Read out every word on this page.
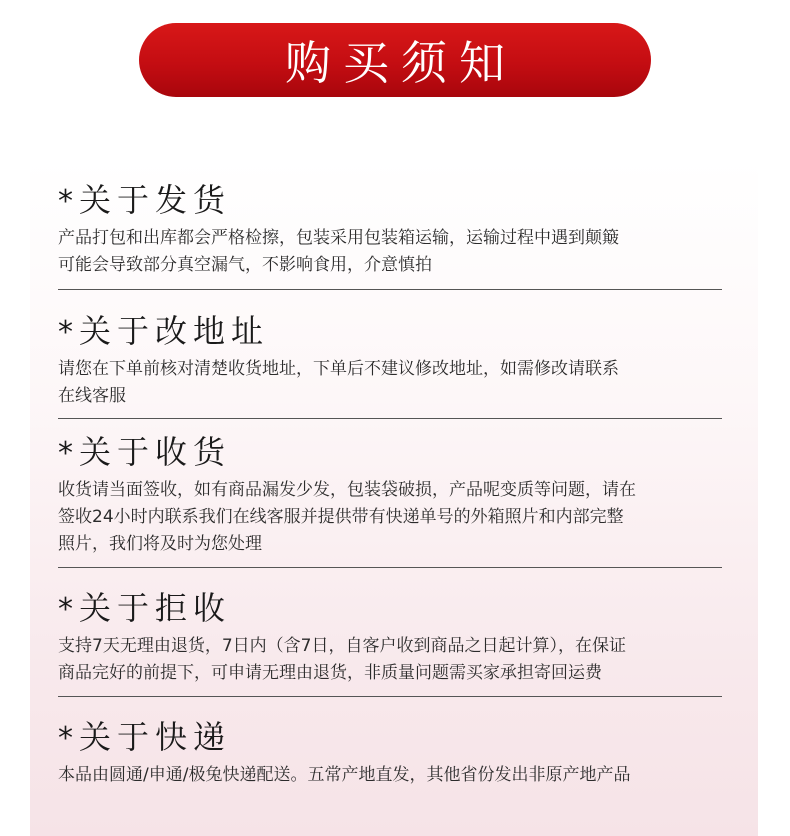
购买须知
*关于发货
产品打包和出库都会严格检擦，包装采用包装箱运输，运输过程中遇到颠簸
可能会导致部分真空漏气，不影响食用，介意慎拍
*关于改地址
请您在下单前核对清楚收货地址，下单后不建议修改地址，如需修改请联系
在线客服
*关于收货
收货请当面签收，如有商品漏发少发，包装袋破损，产品呢变质等问题，请在
签收24小时内联系我们在线客服并提供带有快递单号的外箱照片和内部完整
照片，我们将及时为您处理
*关于拒收
支持7天无理由退货，7日内（含7日，自客户收到商品之日起计算），在保证
商品完好的前提下，可申请无理由退货，非质量问题需买家承担寄回运费
*关于快递
本品由圆通/申通/极兔快递配送。五常产地直发，其他省份发出非原产地产品
